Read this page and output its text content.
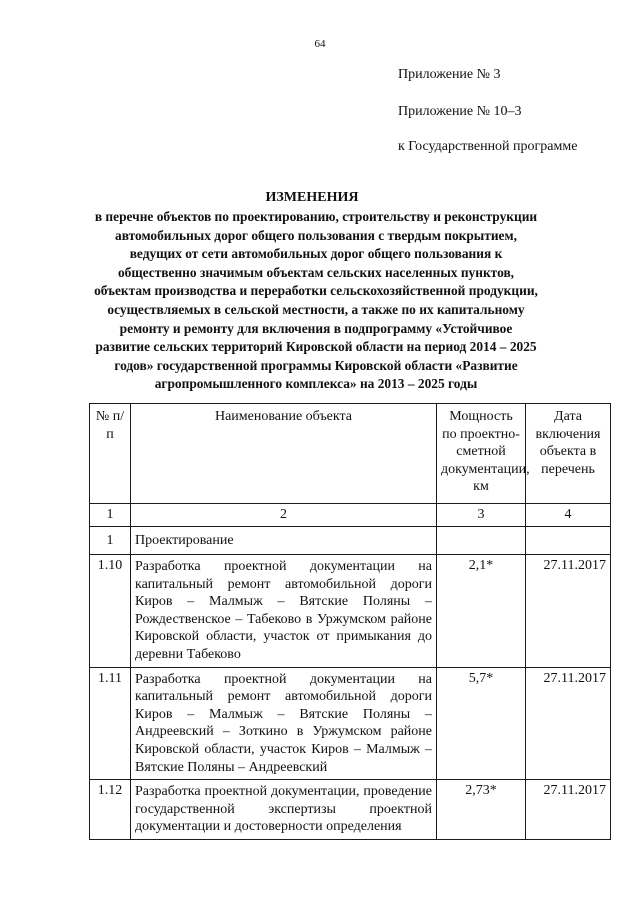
64
Приложение № 3
Приложение № 10–3
к Государственной программе
ИЗМЕНЕНИЯ
в перечне объектов по проектированию, строительству и реконструкции автомобильных дорог общего пользования с твердым покрытием, ведущих от сети автомобильных дорог общего пользования к общественно значимым объектам сельских населенных пунктов, объектам производства и переработки сельскохозяйственной продукции, осуществляемых в сельской местности, а также по их капитальному ремонту и ремонту для включения в подпрограмму «Устойчивое развитие сельских территорий Кировской области на период 2014 – 2025 годов» государственной программы Кировской области «Развитие агропромышленного комплекса» на 2013 – 2025 годы
№ п/п	Наименование объекта	Мощность по проектно-сметной документации, км	Дата включения объекта в перечень
1	2	3	4
1	Проектирование		
1.10	Разработка проектной документации на капитальный ремонт автомобильной дороги Киров – Малмыж – Вятские Поляны – Рождественское – Табеково в Уржумском районе Кировской области, участок от примыкания до деревни Табеково	2,1*	27.11.2017
1.11	Разработка проектной документации на капитальный ремонт автомобильной дороги Киров – Малмыж – Вятские Поляны – Андреевский – Зоткино в Уржумском районе Кировской области, участок Киров – Малмыж – Вятские Поляны – Андреевский	5,7*	27.11.2017
1.12	Разработка проектной документации, проведение государственной экспертизы проектной документации и достоверности определения	2,73*	27.11.2017
